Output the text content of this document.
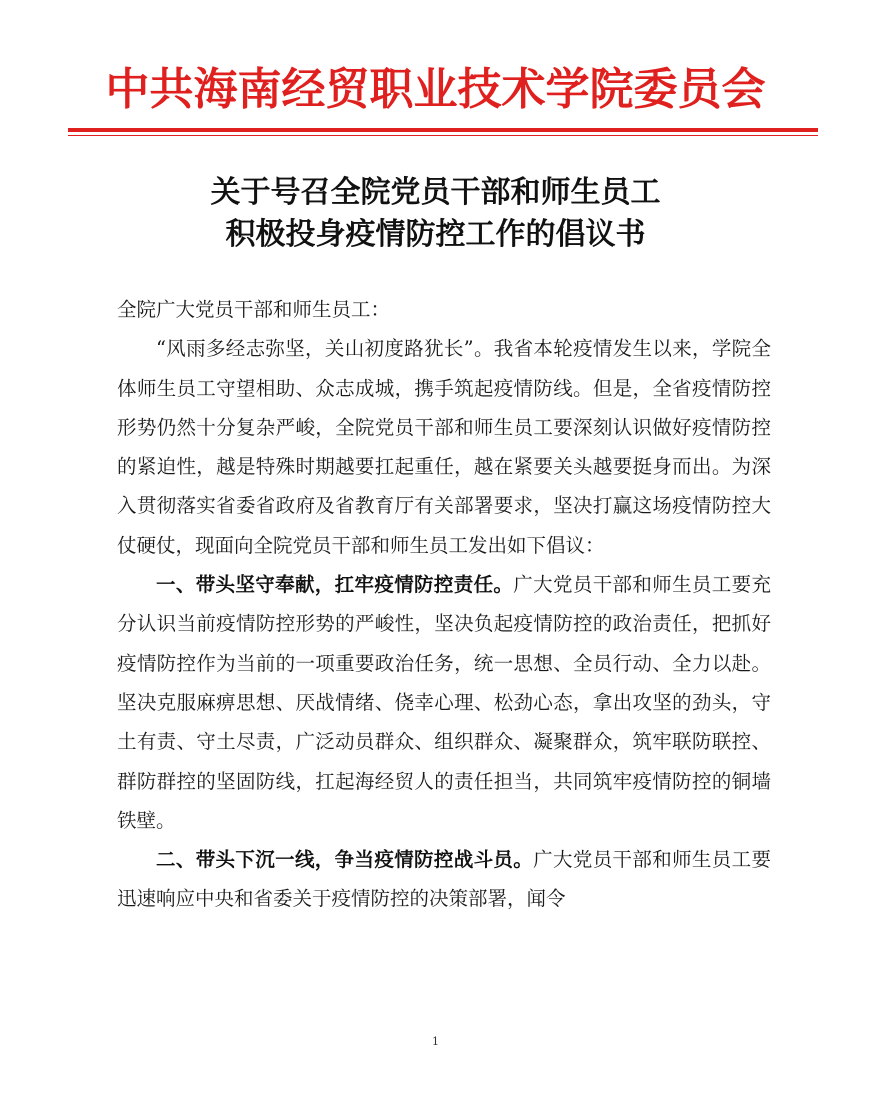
中共海南经贸职业技术学院委员会
关于号召全院党员干部和师生员工
积极投身疫情防控工作的倡议书

全院广大党员干部和师生员工：

“风雨多经志弥坚，关山初度路犹长”。我省本轮疫情发生以来，学院全体师生员工守望相助、众志成城，携手筑起疫情防线。但是，全省疫情防控形势仍然十分复杂严峻，全院党员干部和师生员工要深刻认识做好疫情防控的紧迫性，越是特殊时期越要扛起重任，越在紧要关头越要挺身而出。为深入贯彻落实省委省政府及省教育厅有关部署要求，坚决打赢这场疫情防控大仗硬仗，现面向全院党员干部和师生员工发出如下倡议：

一、带头坚守奉献，扛牢疫情防控责任。广大党员干部和师生员工要充分认识当前疫情防控形势的严峻性，坚决负起疫情防控的政治责任，把抓好疫情防控作为当前的一项重要政治任务，统一思想、全员行动、全力以赴。坚决克服麻痹思想、厌战情绪、侥幸心理、松劲心态，拿出攻坚的劲头，守土有责、守土尽责，广泛动员群众、组织群众、凝聚群众，筑牢联防联控、群防群控的坚固防线，扛起海经贸人的责任担当，共同筑牢疫情防控的铜墙铁壁。

二、带头下沉一线，争当疫情防控战斗员。广大党员干部和师生员工要迅速响应中央和省委关于疫情防控的决策部署，闻令

1
